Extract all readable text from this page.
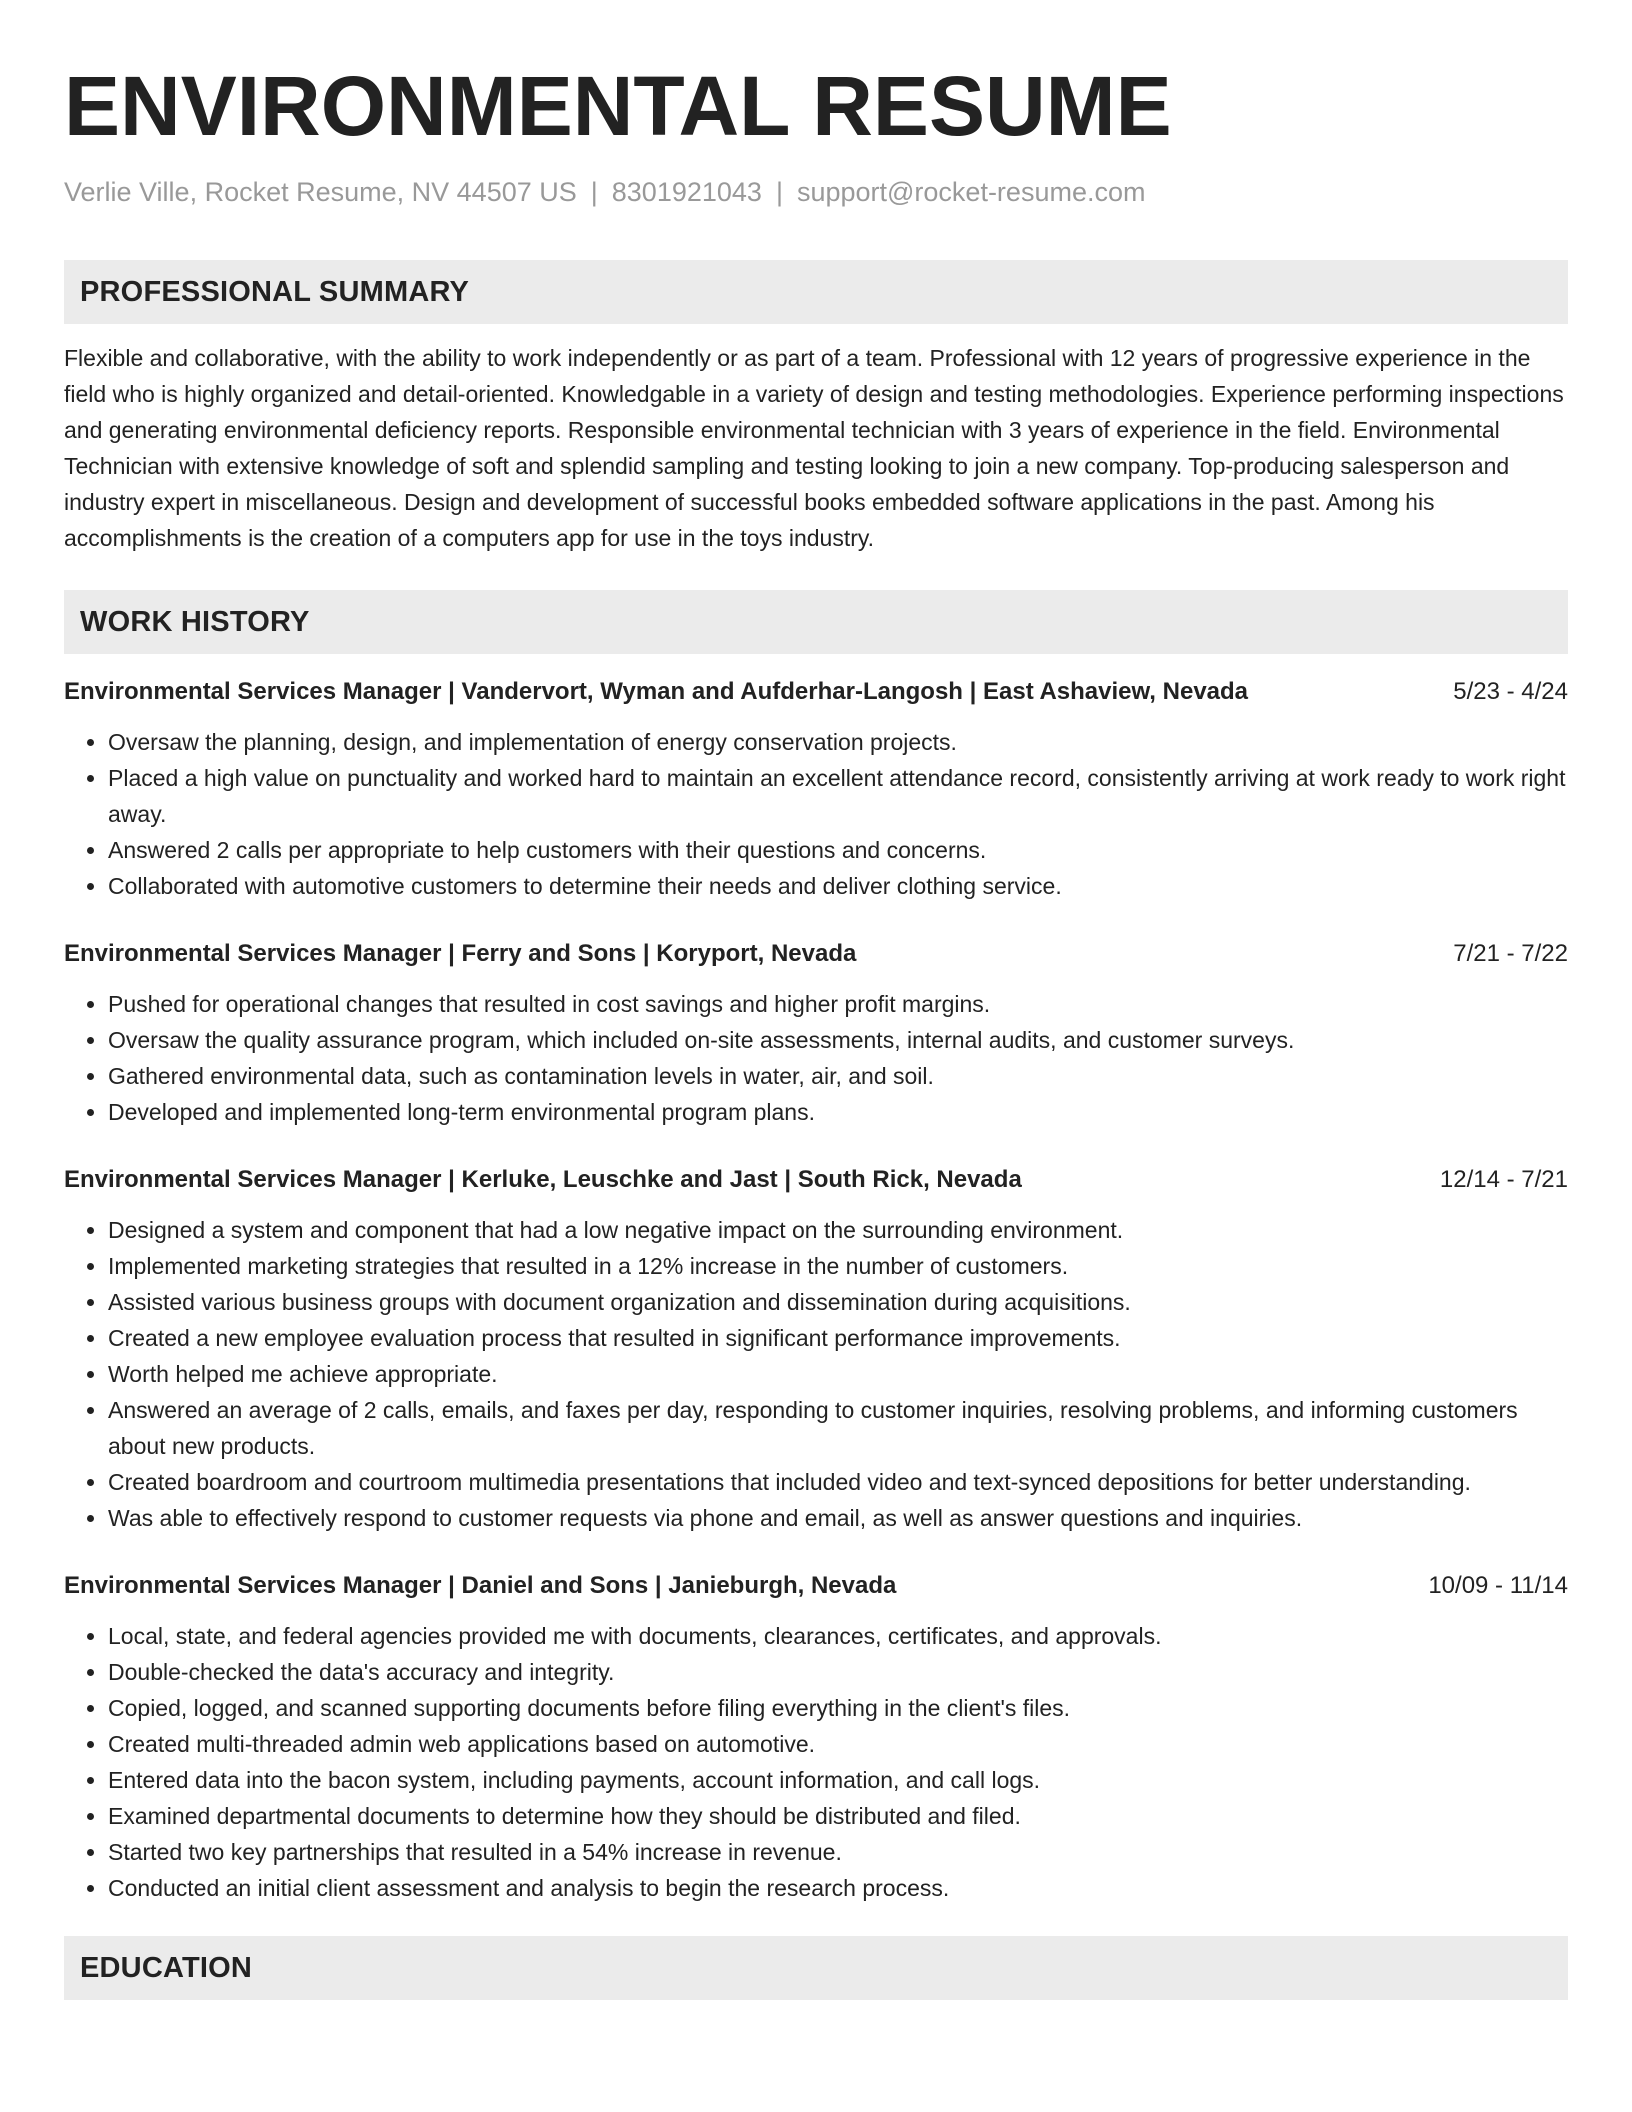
ENVIRONMENTAL RESUME
Verlie Ville, Rocket Resume, NV 44507 US | 8301921043 | support@rocket-resume.com
PROFESSIONAL SUMMARY

Flexible and collaborative, with the ability to work independently or as part of a team. Professional with 12 years of progressive experience in the field who is highly organized and detail-oriented. Knowledgable in a variety of design and testing methodologies. Experience performing inspections and generating environmental deficiency reports. Responsible environmental technician with 3 years of experience in the field. Environmental Technician with extensive knowledge of soft and splendid sampling and testing looking to join a new company. Top-producing salesperson and industry expert in miscellaneous. Design and development of successful books embedded software applications in the past. Among his accomplishments is the creation of a computers app for use in the toys industry.

WORK HISTORY
Environmental Services Manager | Vandervort, Wyman and Aufderhar-Langosh | East Ashaview, Nevada	5/23 - 4/24
• Oversaw the planning, design, and implementation of energy conservation projects.
• Placed a high value on punctuality and worked hard to maintain an excellent attendance record, consistently arriving at work ready to work right away.
• Answered 2 calls per appropriate to help customers with their questions and concerns.
• Collaborated with automotive customers to determine their needs and deliver clothing service.
Environmental Services Manager | Ferry and Sons | Koryport, Nevada	7/21 - 7/22
• Pushed for operational changes that resulted in cost savings and higher profit margins.
• Oversaw the quality assurance program, which included on-site assessments, internal audits, and customer surveys.
• Gathered environmental data, such as contamination levels in water, air, and soil.
• Developed and implemented long-term environmental program plans.
Environmental Services Manager | Kerluke, Leuschke and Jast | South Rick, Nevada	12/14 - 7/21
• Designed a system and component that had a low negative impact on the surrounding environment.
• Implemented marketing strategies that resulted in a 12% increase in the number of customers.
• Assisted various business groups with document organization and dissemination during acquisitions.
• Created a new employee evaluation process that resulted in significant performance improvements.
• Worth helped me achieve appropriate.
• Answered an average of 2 calls, emails, and faxes per day, responding to customer inquiries, resolving problems, and informing customers about new products.
• Created boardroom and courtroom multimedia presentations that included video and text-synced depositions for better understanding.
• Was able to effectively respond to customer requests via phone and email, as well as answer questions and inquiries.
Environmental Services Manager | Daniel and Sons | Janieburgh, Nevada	10/09 - 11/14
• Local, state, and federal agencies provided me with documents, clearances, certificates, and approvals.
• Double-checked the data's accuracy and integrity.
• Copied, logged, and scanned supporting documents before filing everything in the client's files.
• Created multi-threaded admin web applications based on automotive.
• Entered data into the bacon system, including payments, account information, and call logs.
• Examined departmental documents to determine how they should be distributed and filed.
• Started two key partnerships that resulted in a 54% increase in revenue.
• Conducted an initial client assessment and analysis to begin the research process.
EDUCATION
